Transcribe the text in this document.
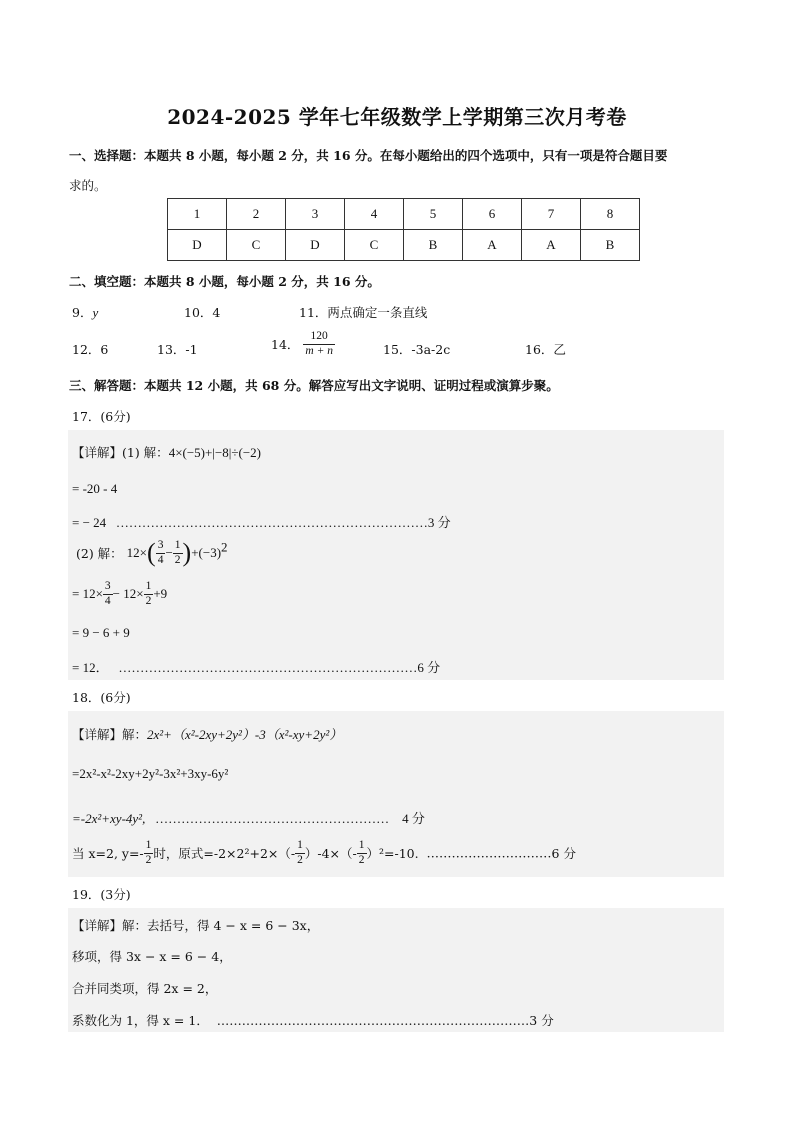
2024-2025 学年七年级数学上学期第三次月考卷
一、选择题：本题共 8 小题，每小题 2 分，共 16 分。在每小题给出的四个选项中，只有一项是符合题目要
求的。
1	2	3	4	5	6	7	8
D	C	D	C	B	A	A	B
二、填空题：本题共 8 小题，每小题 2 分，共 16 分。
9．y	10．4	11．两点确定一条直线
12．6	13．-1	14． $\frac{120}{m + n}$	15．-3a-2c	16．乙
三、解答题：本题共 12 小题，共 68 分。解答应写出文字说明、证明过程或演算步聚。
17．(6分)
【详解】(1) 解：4×(−5)+|−8|÷(−2)
= -20 - 4
= − 24 ………………………………………………………………3 分
(2) 解： $12\times( \frac{3}{4} - \frac{1}{2} )+(-3)^2$
= $12\times \frac{3}{4} - 12\times \frac{1}{2} +9$
= 9 − 6 + 9
= 12． ……………………………………………………………6 分
18．(6分)
【详解】解：2x²+（x²-2xy+2y²）-3（x²-xy+2y²）
=2x²-x²-2xy+2y²-3x²+3xy-6y²
=-2x²+xy-4y², ……………………………………………… 4 分
当 x=2, $y=- \frac{1}{2}$ 时，原式$=-2\times 2^2+2\times(- \frac{1}{2} )-4\times(- \frac{1}{2} )^2=-10$. …………………………6 分
19．(3分)
【详解】解：去括号，得 4 − x = 6 − 3x，
移项，得 3x − x = 6 − 4，
合并同类项，得 2x = 2，
系数化为 1，得 x = 1． …………………………………………………………………3 分
